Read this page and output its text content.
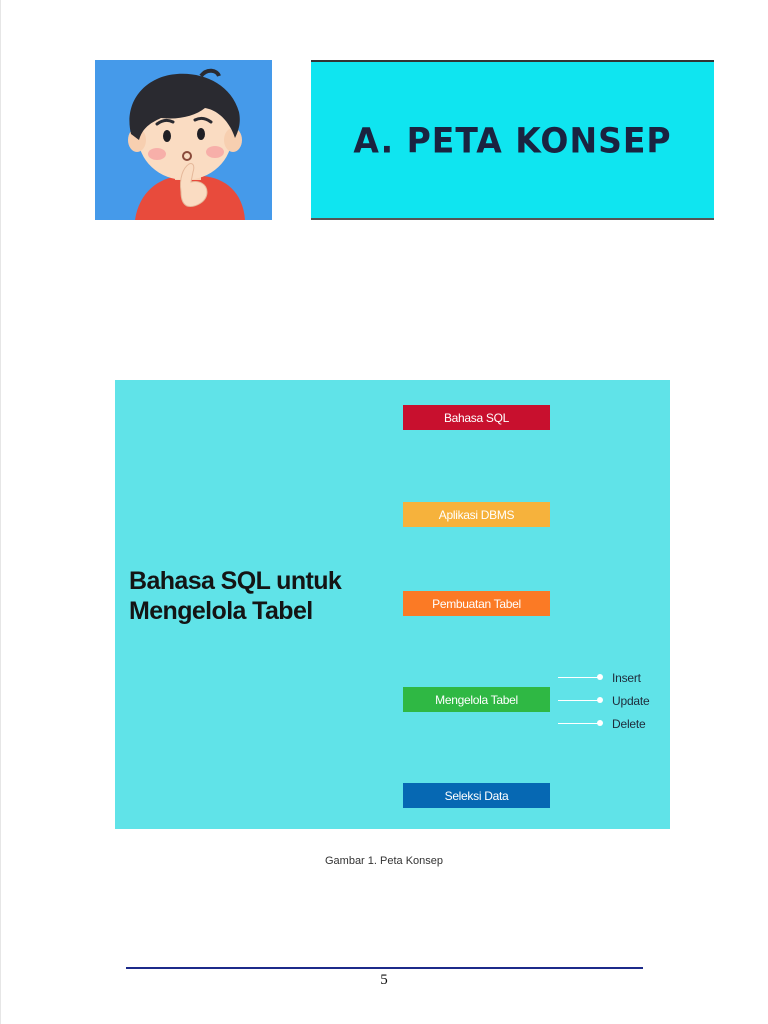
A. PETA KONSEP
Bahasa SQL untuk
Mengelola Tabel
Bahasa SQL
Aplikasi DBMS
Pembuatan Tabel
Mengelola Tabel
Seleksi Data
Insert
Update
Delete
Gambar 1. Peta Konsep
5
